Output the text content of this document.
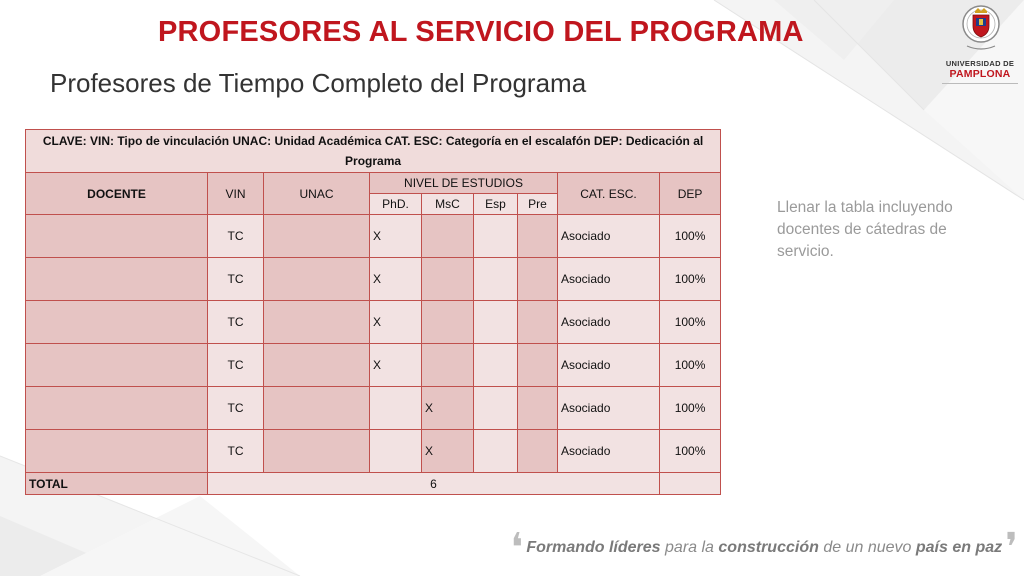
PROFESORES AL SERVICIO DEL PROGRAMA
Profesores de Tiempo Completo del Programa
UNIVERSIDAD DE
PAMPLONA
CLAVE: VIN: Tipo de vinculación UNAC: Unidad Académica CAT. ESC: Categoría en el escalafón DEP: Dedicación al Programa								
DOCENTE	VIN	UNAC	NIVEL DE ESTUDIOS				CAT. ESC.	DEP
			PhD.	MsC	Esp	Pre		
	TC		X				Asociado	100%
	TC		X				Asociado	100%
	TC		X				Asociado	100%
	TC		X				Asociado	100%
	TC			X			Asociado	100%
	TC			X			Asociado	100%
TOTAL	6							
Llenar la tabla incluyendo docentes de cátedras de servicio.
❛ Formando líderes para la construcción de un nuevo país en paz ❜
